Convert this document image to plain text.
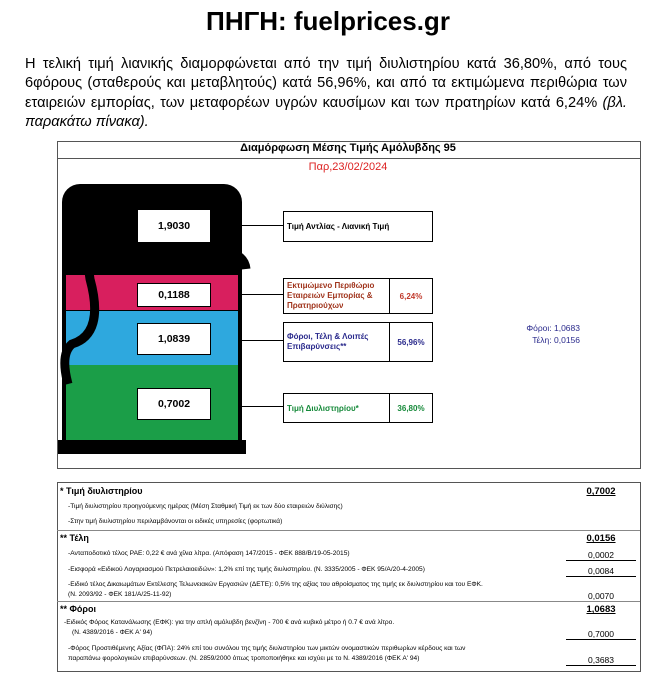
ΠΗΓΗ: fuelprices.gr
Η τελική τιμή λιανικής διαμορφώνεται από την τιμή διυλιστηρίου κατά 36,80%, από τους 6φόρους (σταθερούς και μεταβλητούς) κατά 56,96%, και από τα εκτιμώμενα περιθώρια των εταιρειών εμπορίας, των μεταφορέων υγρών καυσίμων και των πρατηρίων κατά 6,24% (βλ. παρακάτω πίνακα).
Διαμόρφωση Μέσης Τιμής Αμόλυβδης 95
Παρ,23/02/2024
1,9030
0,1188
1,0839
0,7002
Τιμή Αντλίας - Λιανική Τιμή
Εκτιμώμενο Περιθώριο Εταιρειών Εμπορίας & Πρατηριούχων
6,24%
Φόροι, Τέλη & Λοιπές Επιβαρύνσεις**	56,96%
Τιμή Διυλιστηρίου*	36,80%
Φόροι: 1,0683
Τέλη: 0,0156
* Τιμή διυλιστηρίου	0,7002
-Τιμή διυλιστηρίου προηγούμενης ημέρας (Μέση Σταθμική Τιμή εκ των δύο εταιρειών διύλισης)
-Στην τιμή διυλιστηρίου περιλαμβάνονται οι ειδικές υπηρεσίες (φορτωτικά)
** Τέλη	0,0156
-Ανταποδοτικό τέλος ΡΑΕ: 0,22 € ανά χίλια λίτρα. (Απόφαση 147/2015 - ΦΕΚ 888/Β/19-05-2015)	0,0002
-Εισφορά «Ειδικού Λογαριασμού Πετρελαιοειδών»: 1,2% επί της τιμής διυλιστηρίου. (Ν. 3335/2005 - ΦΕΚ 95/Α/20-4-2005)	0,0084
-Ειδικό τέλος Δικαιωμάτων Εκτέλεσης Τελωνειακών Εργασιών (ΔΕΤΕ): 0,5% της αξίας του αθροίσματος της τιμής εκ διυλιστηρίου και του ΕΦΚ.
(Ν. 2093/92 - ΦΕΚ 181/Α/25-11-92)	0,0070
** Φόροι	1,0683
-Ειδικός Φόρος Κατανάλωσης (ΕΦΚ): για την απλή αμόλυβδη βενζίνη - 700 € ανά κυβικό μέτρο ή 0.7 € ανά λίτρο.
(Ν. 4389/2016 - ΦΕΚ Α' 94)	0,7000
-Φόρος Προστιθέμενης Αξίας (ΦΠΑ): 24% επί του συνόλου της τιμής διυλιστηρίου των μικτών ονομαστικών περιθωρίων κέρδους και των
παραπάνω φορολογικών επιβαρύνσεων. (Ν. 2859/2000 όπως τροποποιήθηκε και ισχύει με το Ν. 4389/2016 (ΦΕΚ Α' 94)	0,3683
